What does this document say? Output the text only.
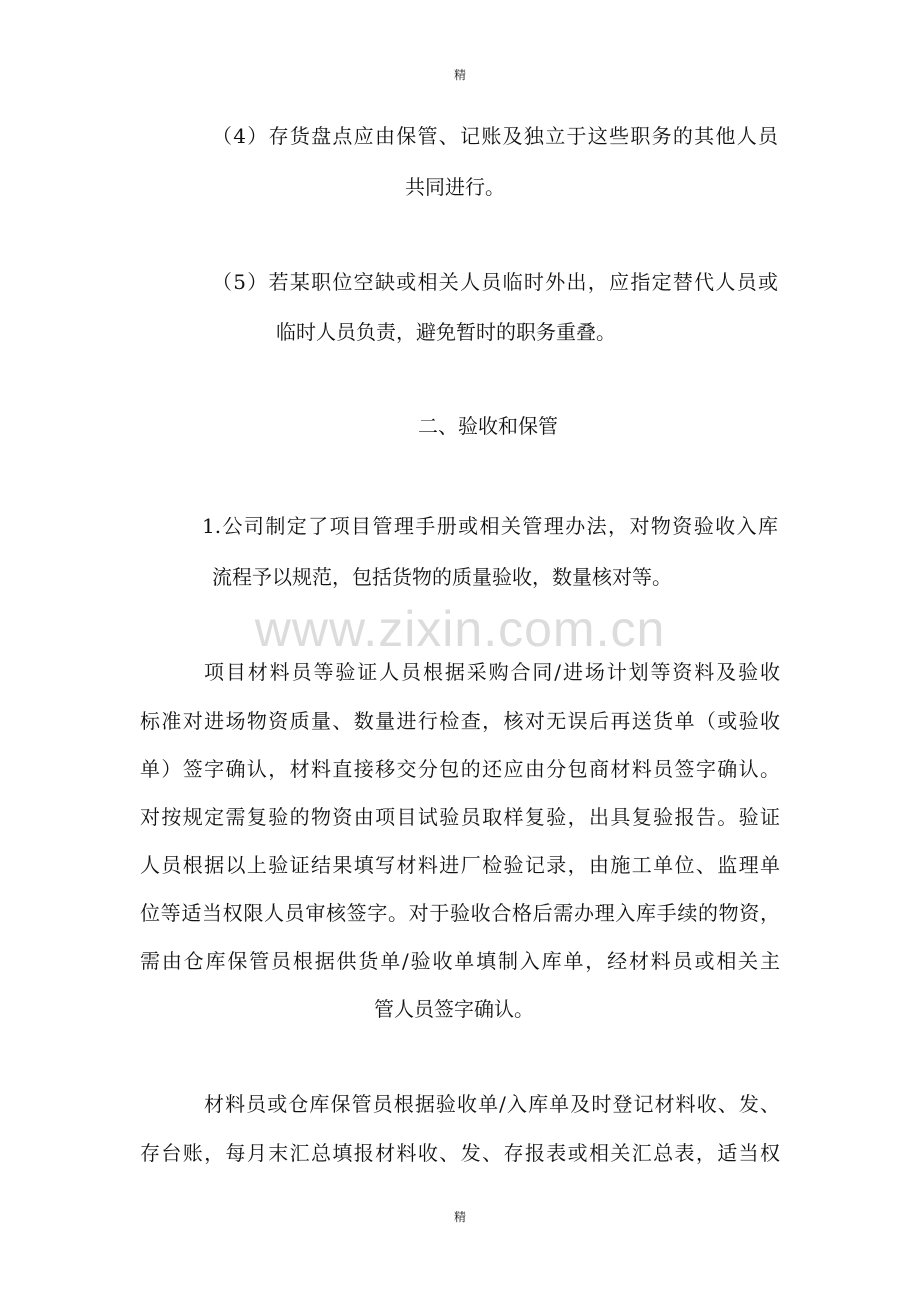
精
www.zixin.com.cn
（4）存货盘点应由保管、记账及独立于这些职务的其他人员
共同进行。
（5）若某职位空缺或相关人员临时外出，应指定替代人员或
临时人员负责，避免暂时的职务重叠。
二、验收和保管
1.公司制定了项目管理手册或相关管理办法，对物资验收入库
流程予以规范，包括货物的质量验收，数量核对等。
项目材料员等验证人员根据采购合同/进场计划等资料及验收
标准对进场物资质量、数量进行检查，核对无误后再送货单（或验收
单）签字确认，材料直接移交分包的还应由分包商材料员签字确认。
对按规定需复验的物资由项目试验员取样复验，出具复验报告。验证
人员根据以上验证结果填写材料进厂检验记录，由施工单位、监理单
位等适当权限人员审核签字。对于验收合格后需办理入库手续的物资，
需由仓库保管员根据供货单/验收单填制入库单，经材料员或相关主
管人员签字确认。
材料员或仓库保管员根据验收单/入库单及时登记材料收、发、
存台账，每月末汇总填报材料收、发、存报表或相关汇总表，适当权
精
